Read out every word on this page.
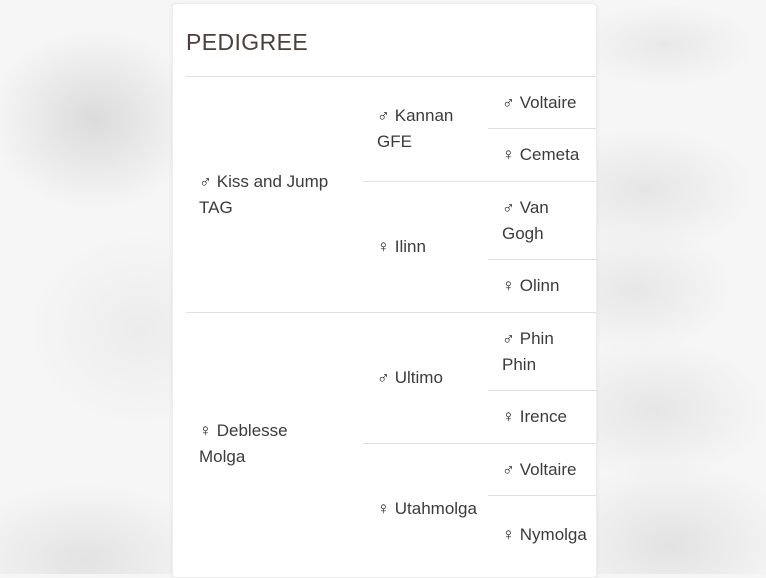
PEDIGREE
♂ Kiss and Jump TAG
♂ Kannan GFE
♂ Voltaire
♀ Cemeta
♀ Ilinn
♂ Van Gogh
♀ Olinn
♀ Deblesse Molga
♂ Ultimo
♂ Phin Phin
♀ Irence
♀ Utahmolga
♂ Voltaire
♀ Nymolga
